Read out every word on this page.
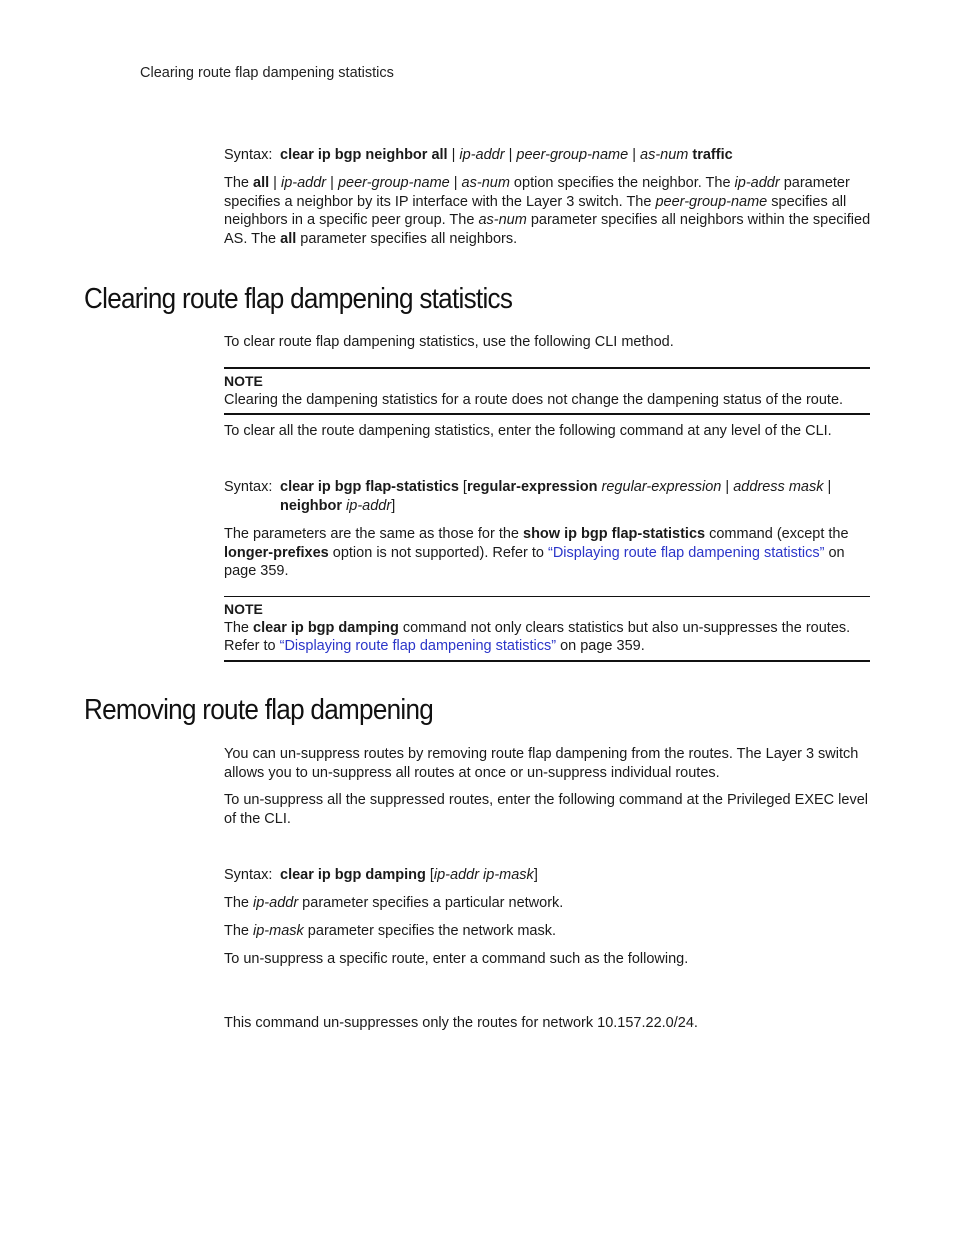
Clearing route flap dampening statistics
Syntax: clear ip bgp neighbor all | ip-addr | peer-group-name | as-num traffic

The all | ip-addr | peer-group-name | as-num option specifies the neighbor. The ip-addr parameter specifies a neighbor by its IP interface with the Layer 3 switch. The peer-group-name specifies all neighbors in a specific peer group. The as-num parameter specifies all neighbors within the specified AS. The all parameter specifies all neighbors.

Clearing route flap dampening statistics

To clear route flap dampening statistics, use the following CLI method.

NOTE
Clearing the dampening statistics for a route does not change the dampening status of the route.

To clear all the route dampening statistics, enter the following command at any level of the CLI.

Syntax: clear ip bgp flap-statistics [regular-expression regular-expression | address mask |
neighbor ip-addr]

The parameters are the same as those for the show ip bgp flap-statistics command (except the longer-prefixes option is not supported). Refer to “Displaying route flap dampening statistics” on page 359.

NOTE
The clear ip bgp damping command not only clears statistics but also un-suppresses the routes. Refer to “Displaying route flap dampening statistics” on page 359.
Removing route flap dampening

You can un-suppress routes by removing route flap dampening from the routes. The Layer 3 switch allows you to un-suppress all routes at once or un-suppress individual routes.

To un-suppress all the suppressed routes, enter the following command at the Privileged EXEC level of the CLI.

Syntax: clear ip bgp damping [ip-addr ip-mask]

The ip-addr parameter specifies a particular network.

The ip-mask parameter specifies the network mask.

To un-suppress a specific route, enter a command such as the following.

This command un-suppresses only the routes for network 10.157.22.0/24.
